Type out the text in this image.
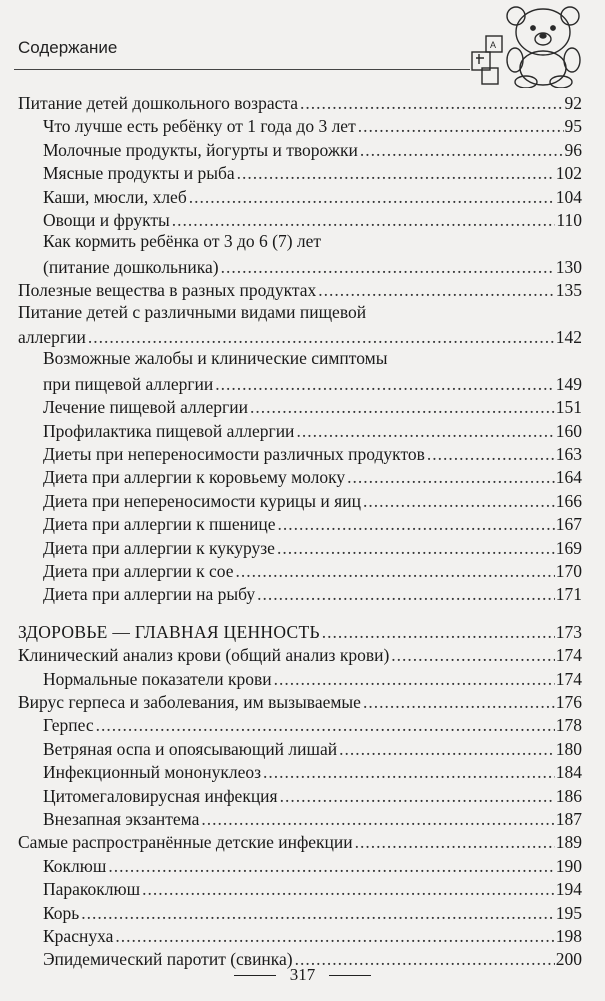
Содержание	A
Питание детей дошкольного возраста .....	92
Что лучше есть ребёнку от 1 года до 3 лет .....	95
Молочные продукты, йогурты и творожки .....	96
Мясные продукты и рыба .....	102
Каши, мюсли, хлеб .....	104
Овощи и фрукты .....	110
Как кормить ребёнка от 3 до 6 (7) лет
(питание дошкольника) .....	130
Полезные вещества в разных продуктах .....	135
Питание детей с различными видами пищевой
аллергии .....	142
Возможные жалобы и клинические симптомы
при пищевой аллергии .....	149
Лечение пищевой аллергии .....	151
Профилактика пищевой аллергии .....	160
Диеты при непереносимости различных продуктов .....	163
Диета при аллергии к коровьему молоку .....	164
Диета при непереносимости курицы и яиц .....	166
Диета при аллергии к пшенице .....	167
Диета при аллергии к кукурузе .....	169
Диета при аллергии к сое .....	170
Диета при аллергии на рыбу .....	171
ЗДОРОВЬЕ — ГЛАВНАЯ ЦЕННОСТЬ .....	173
Клинический анализ крови (общий анализ крови) .....	174
Нормальные показатели крови .....	174
Вирус герпеса и заболевания, им вызываемые .....	176
Герпес .....	178
Ветряная оспа и опоясывающий лишай .....	180
Инфекционный мононуклеоз .....	184
Цитомегаловирусная инфекция .....	186
Внезапная экзантема .....	187
Самые распространённые детские инфекции .....	189
Коклюш .....	190
Паракоклюш .....	194
Корь .....	195
Краснуха .....	198
Эпидемический паротит (свинка) .....	200
317
